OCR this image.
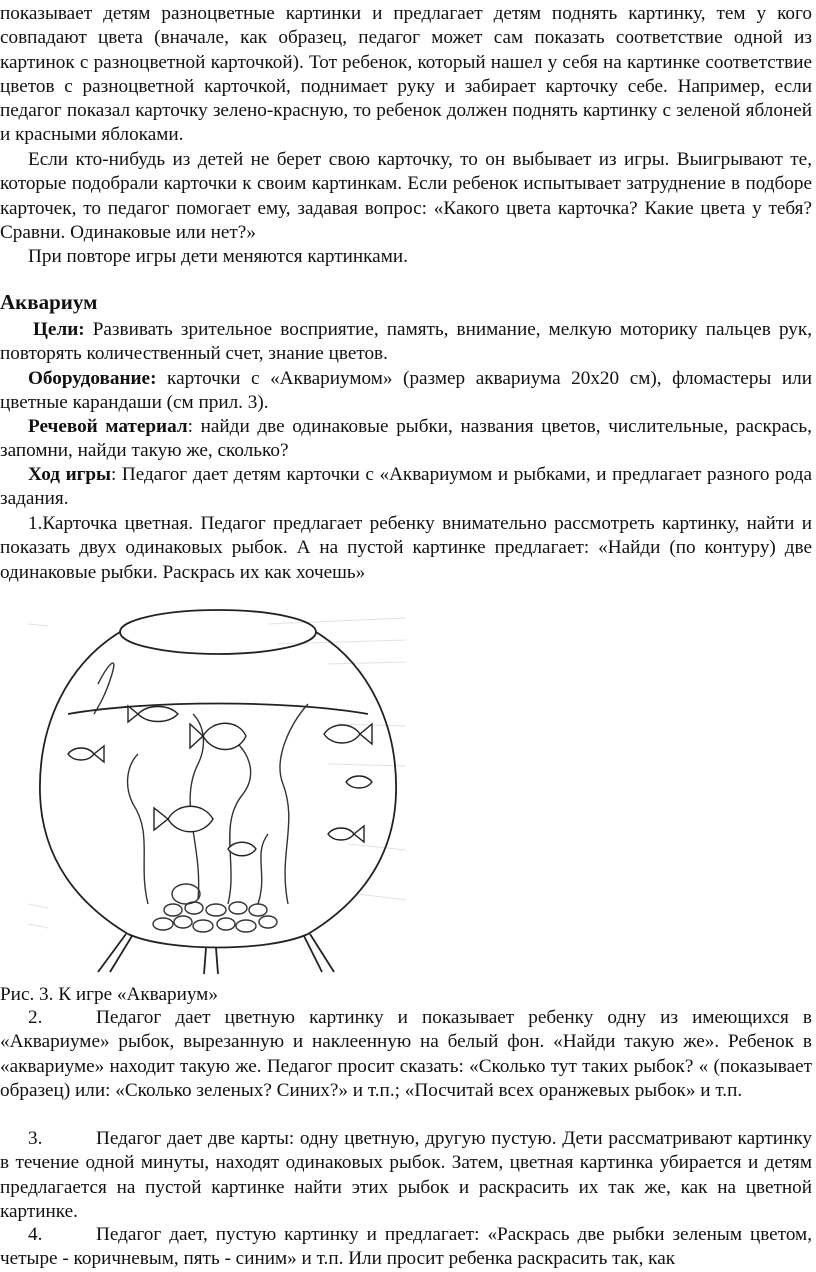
показывает детям разноцветные картинки и предлагает детям поднять картинку, тем у кого совпадают цвета (вначале, как образец, педагог может сам показать соответствие одной из картинок с разноцветной карточкой). Тот ребенок, который нашел у себя на картинке соответствие цветов с разноцветной карточкой, поднимает руку и забирает карточку себе. Например, если педагог показал карточку зелено-красную, то ребенок должен поднять картинку с зеленой яблоней и красными яблоками.

Если кто-нибудь из детей не берет свою карточку, то он выбывает из игры. Выигрывают те, которые подобрали карточки к своим картинкам. Если ребенок испытывает затруднение в подборе карточек, то педагог помогает ему, задавая вопрос: «Какого цвета карточка? Какие цвета у тебя? Сравни. Одинаковые или нет?»

При повторе игры дети меняются картинками.

Аквариум

Цели: Развивать зрительное восприятие, память, внимание, мелкую моторику пальцев рук, повторять количественный счет, знание цветов.

Оборудование: карточки с «Аквариумом» (размер аквариума 20х20 см), фломастеры или цветные карандаши (см прил. 3).

Речевой материал: найди две одинаковые рыбки, названия цветов, числительные, раскрась, запомни, найди такую же, сколько?

Ход игры: Педагог дает детям карточки с «Аквариумом и рыбками, и предлагает разного рода задания.

1.Карточка цветная. Педагог предлагает ребенку внимательно рассмотреть картинку, найти и показать двух одинаковых рыбок. А на пустой картинке предлагает: «Найди (по контуру) две одинаковые рыбки. Раскрась их как хочешь»

Рис. 3. К игре «Аквариум»

2.	Педагог дает цветную картинку и показывает ребенку одну из имеющихся в «Аквариуме» рыбок, вырезанную и наклеенную на белый фон. «Найди такую же». Ребенок в «аквариуме» находит такую же. Педагог просит сказать: «Сколько тут таких рыбок? « (показывает образец) или: «Сколько зеленых? Синих?» и т.п.; «Посчитай всех оранжевых рыбок» и т.п.

3.	Педагог дает две карты: одну цветную, другую пустую. Дети рассматривают картинку в течение одной минуты, находят одинаковых рыбок. Затем, цветная картинка убирается и детям предлагается на пустой картинке найти этих рыбок и раскрасить их так же, как на цветной картинке.

4.	Педагог дает, пустую картинку и предлагает: «Раскрась две рыбки зеленым цветом, четыре - коричневым, пять - синим» и т.п. Или просит ребенка раскрасить так, как
